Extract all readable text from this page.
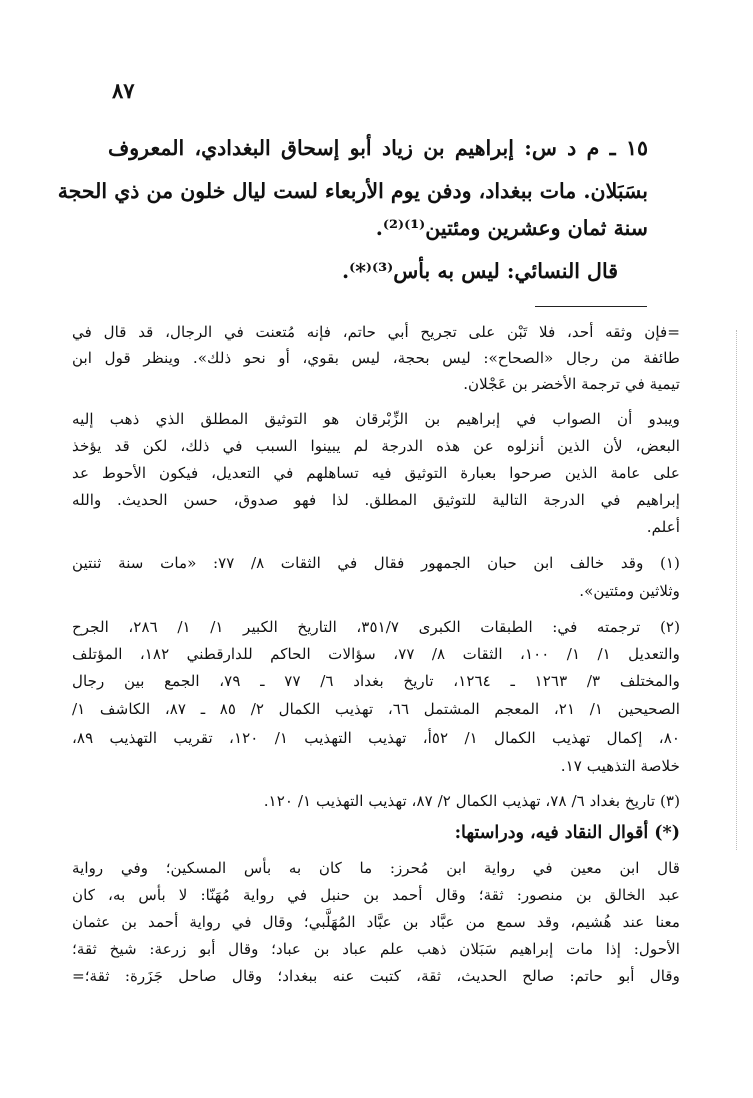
٨٧
١٥ ـ م د س: إبراهيم بن زياد أبو إسحاق البغدادي، المعروف
بسَبَلان. مات ببغداد، ودفن يوم الأربعاء لست ليال خلون من ذي الحجة
سنة ثمان وعشرين ومئتين⁽¹⁾⁽²⁾.
قال النسائي: ليس به بأس⁽³⁾⁽*⁾.
=فإن وثقه أحد، فلا تَبْن على تجريح أبي حاتم، فإنه مُتعنت في الرجال، قد قال في
طائفة من رجال «الصحاح»: ليس بحجة، ليس بقوي، أو نحو ذلك». وينظر قول ابن
تيمية في ترجمة الأخضر بن عَجْلان.
ويبدو أن الصواب في إبراهيم بن الزِّبْرقان هو التوثيق المطلق الذي ذهب إليه
البعض، لأن الذين أنزلوه عن هذه الدرجة لم يبينوا السبب في ذلك، لكن قد يؤخذ
على عامة الذين صرحوا بعبارة التوثيق فيه تساهلهم في التعديل، فيكون الأحوط عد
إبراهيم في الدرجة التالية للتوثيق المطلق. لذا فهو صدوق، حسن الحديث. والله
أعلم.
(١) وقد خالف ابن حبان الجمهور فقال في الثقات ٨/ ٧٧: «مات سنة ثنتين
وثلاثين ومئتين».
(٢) ترجمته في: الطبقات الكبرى ٣٥١/٧، التاريخ الكبير ١/ ١/ ٢٨٦، الجرح
والتعديل ١/ ١/ ١٠٠، الثقات ٨/ ٧٧، سؤالات الحاكم للدارقطني ١٨٢، المؤتلف
والمختلف ٣/ ١٢٦٣ ـ ١٢٦٤، تاريخ بغداد ٦/ ٧٧ ـ ٧٩، الجمع بين رجال
الصحيحين ١/ ٢١، المعجم المشتمل ٦٦، تهذيب الكمال ٢/ ٨٥ ـ ٨٧، الكاشف ١/
٨٠، إكمال تهذيب الكمال ١/ ٥٢أ، تهذيب التهذيب ١/ ١٢٠، تقريب التهذيب ٨٩،
خلاصة التذهيب ١٧.
(٣) تاريخ بغداد ٦/ ٧٨، تهذيب الكمال ٢/ ٨٧، تهذيب التهذيب ١/ ١٢٠.
(*) أقوال النقاد فيه، ودراستها:
قال ابن معين في رواية ابن مُحرز: ما كان به بأس المسكين؛ وفي رواية
عبد الخالق بن منصور: ثقة؛ وقال أحمد بن حنبل في رواية مُهَنّا: لا بأس به، كان
معنا عند هُشيم، وقد سمع من عبَّاد بن عبَّاد المُهَلَّبي؛ وقال في رواية أحمد بن عثمان
الأحول: إذا مات إبراهيم سَبَلان ذهب علم عباد بن عباد؛ وقال أبو زرعة: شيخ ثقة؛
وقال أبو حاتم: صالح الحديث، ثقة، كتبت عنه ببغداد؛ وقال صاحل جَزَرة: ثقة؛=
